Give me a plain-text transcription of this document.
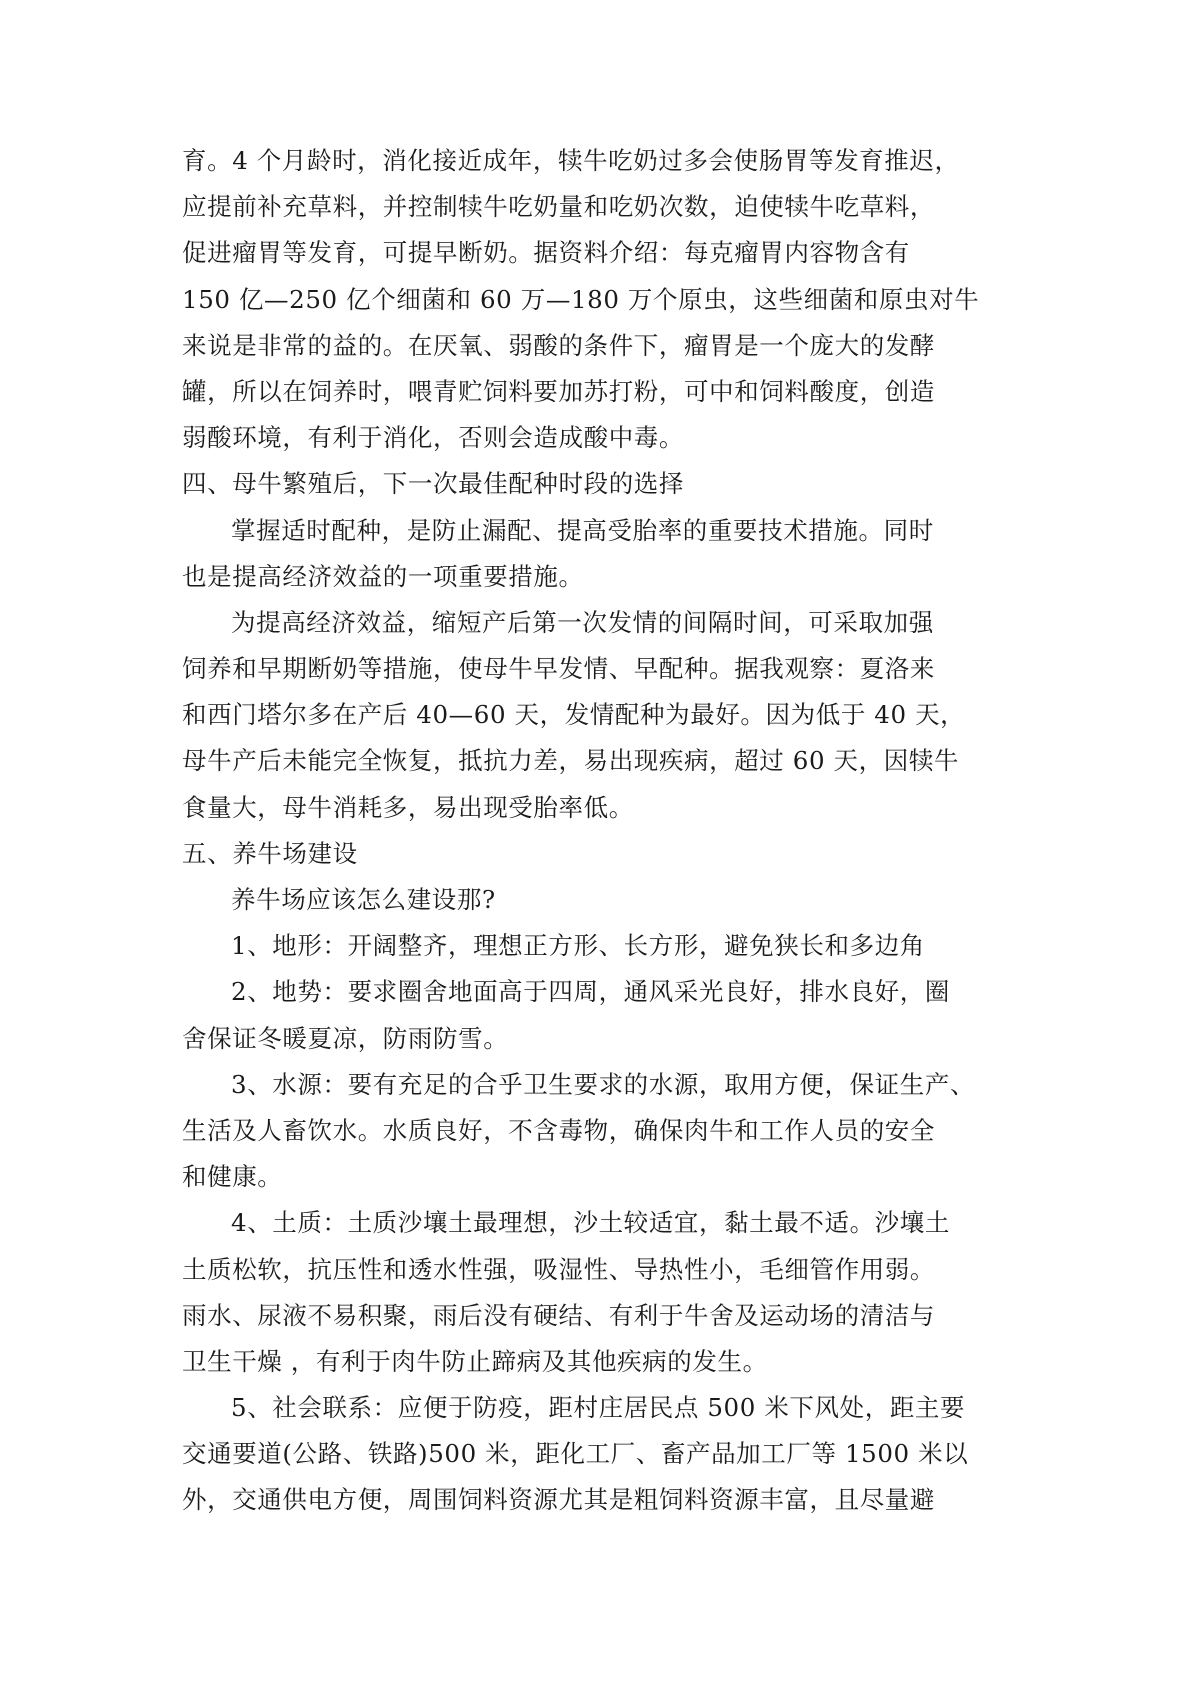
育。4 个月龄时，消化接近成年，犊牛吃奶过多会使肠胃等发育推迟，
应提前补充草料，并控制犊牛吃奶量和吃奶次数，迫使犊牛吃草料，
促进瘤胃等发育，可提早断奶。据资料介绍：每克瘤胃内容物含有
150 亿—250 亿个细菌和 60 万—180 万个原虫，这些细菌和原虫对牛
来说是非常的益的。在厌氧、弱酸的条件下，瘤胃是一个庞大的发酵
罐，所以在饲养时，喂青贮饲料要加苏打粉，可中和饲料酸度，创造
弱酸环境，有利于消化，否则会造成酸中毒。
四、母牛繁殖后，下一次最佳配种时段的选择
掌握适时配种，是防止漏配、提高受胎率的重要技术措施。同时
也是提高经济效益的一项重要措施。
为提高经济效益，缩短产后第一次发情的间隔时间，可采取加强
饲养和早期断奶等措施，使母牛早发情、早配种。据我观察：夏洛来
和西门塔尔多在产后 40—60 天，发情配种为最好。因为低于 40 天，
母牛产后未能完全恢复，抵抗力差，易出现疾病，超过 60 天，因犊牛
食量大，母牛消耗多，易出现受胎率低。
五、养牛场建设
养牛场应该怎么建设那?
1、地形：开阔整齐，理想正方形、长方形，避免狭长和多边角
2、地势：要求圈舍地面高于四周，通风采光良好，排水良好，圈
舍保证冬暖夏凉，防雨防雪。
3、水源：要有充足的合乎卫生要求的水源，取用方便，保证生产、
生活及人畜饮水。水质良好，不含毒物，确保肉牛和工作人员的安全
和健康。
4、土质：土质沙壤土最理想，沙土较适宜，黏土最不适。沙壤土
土质松软，抗压性和透水性强，吸湿性、导热性小，毛细管作用弱。
雨水、尿液不易积聚，雨后没有硬结、有利于牛舍及运动场的清洁与
卫生干燥 ，有利于肉牛防止蹄病及其他疾病的发生。
5、社会联系：应便于防疫，距村庄居民点 500 米下风处，距主要
交通要道(公路、铁路)500 米，距化工厂、畜产品加工厂等 1500 米以
外，交通供电方便，周围饲料资源尤其是粗饲料资源丰富，且尽量避
